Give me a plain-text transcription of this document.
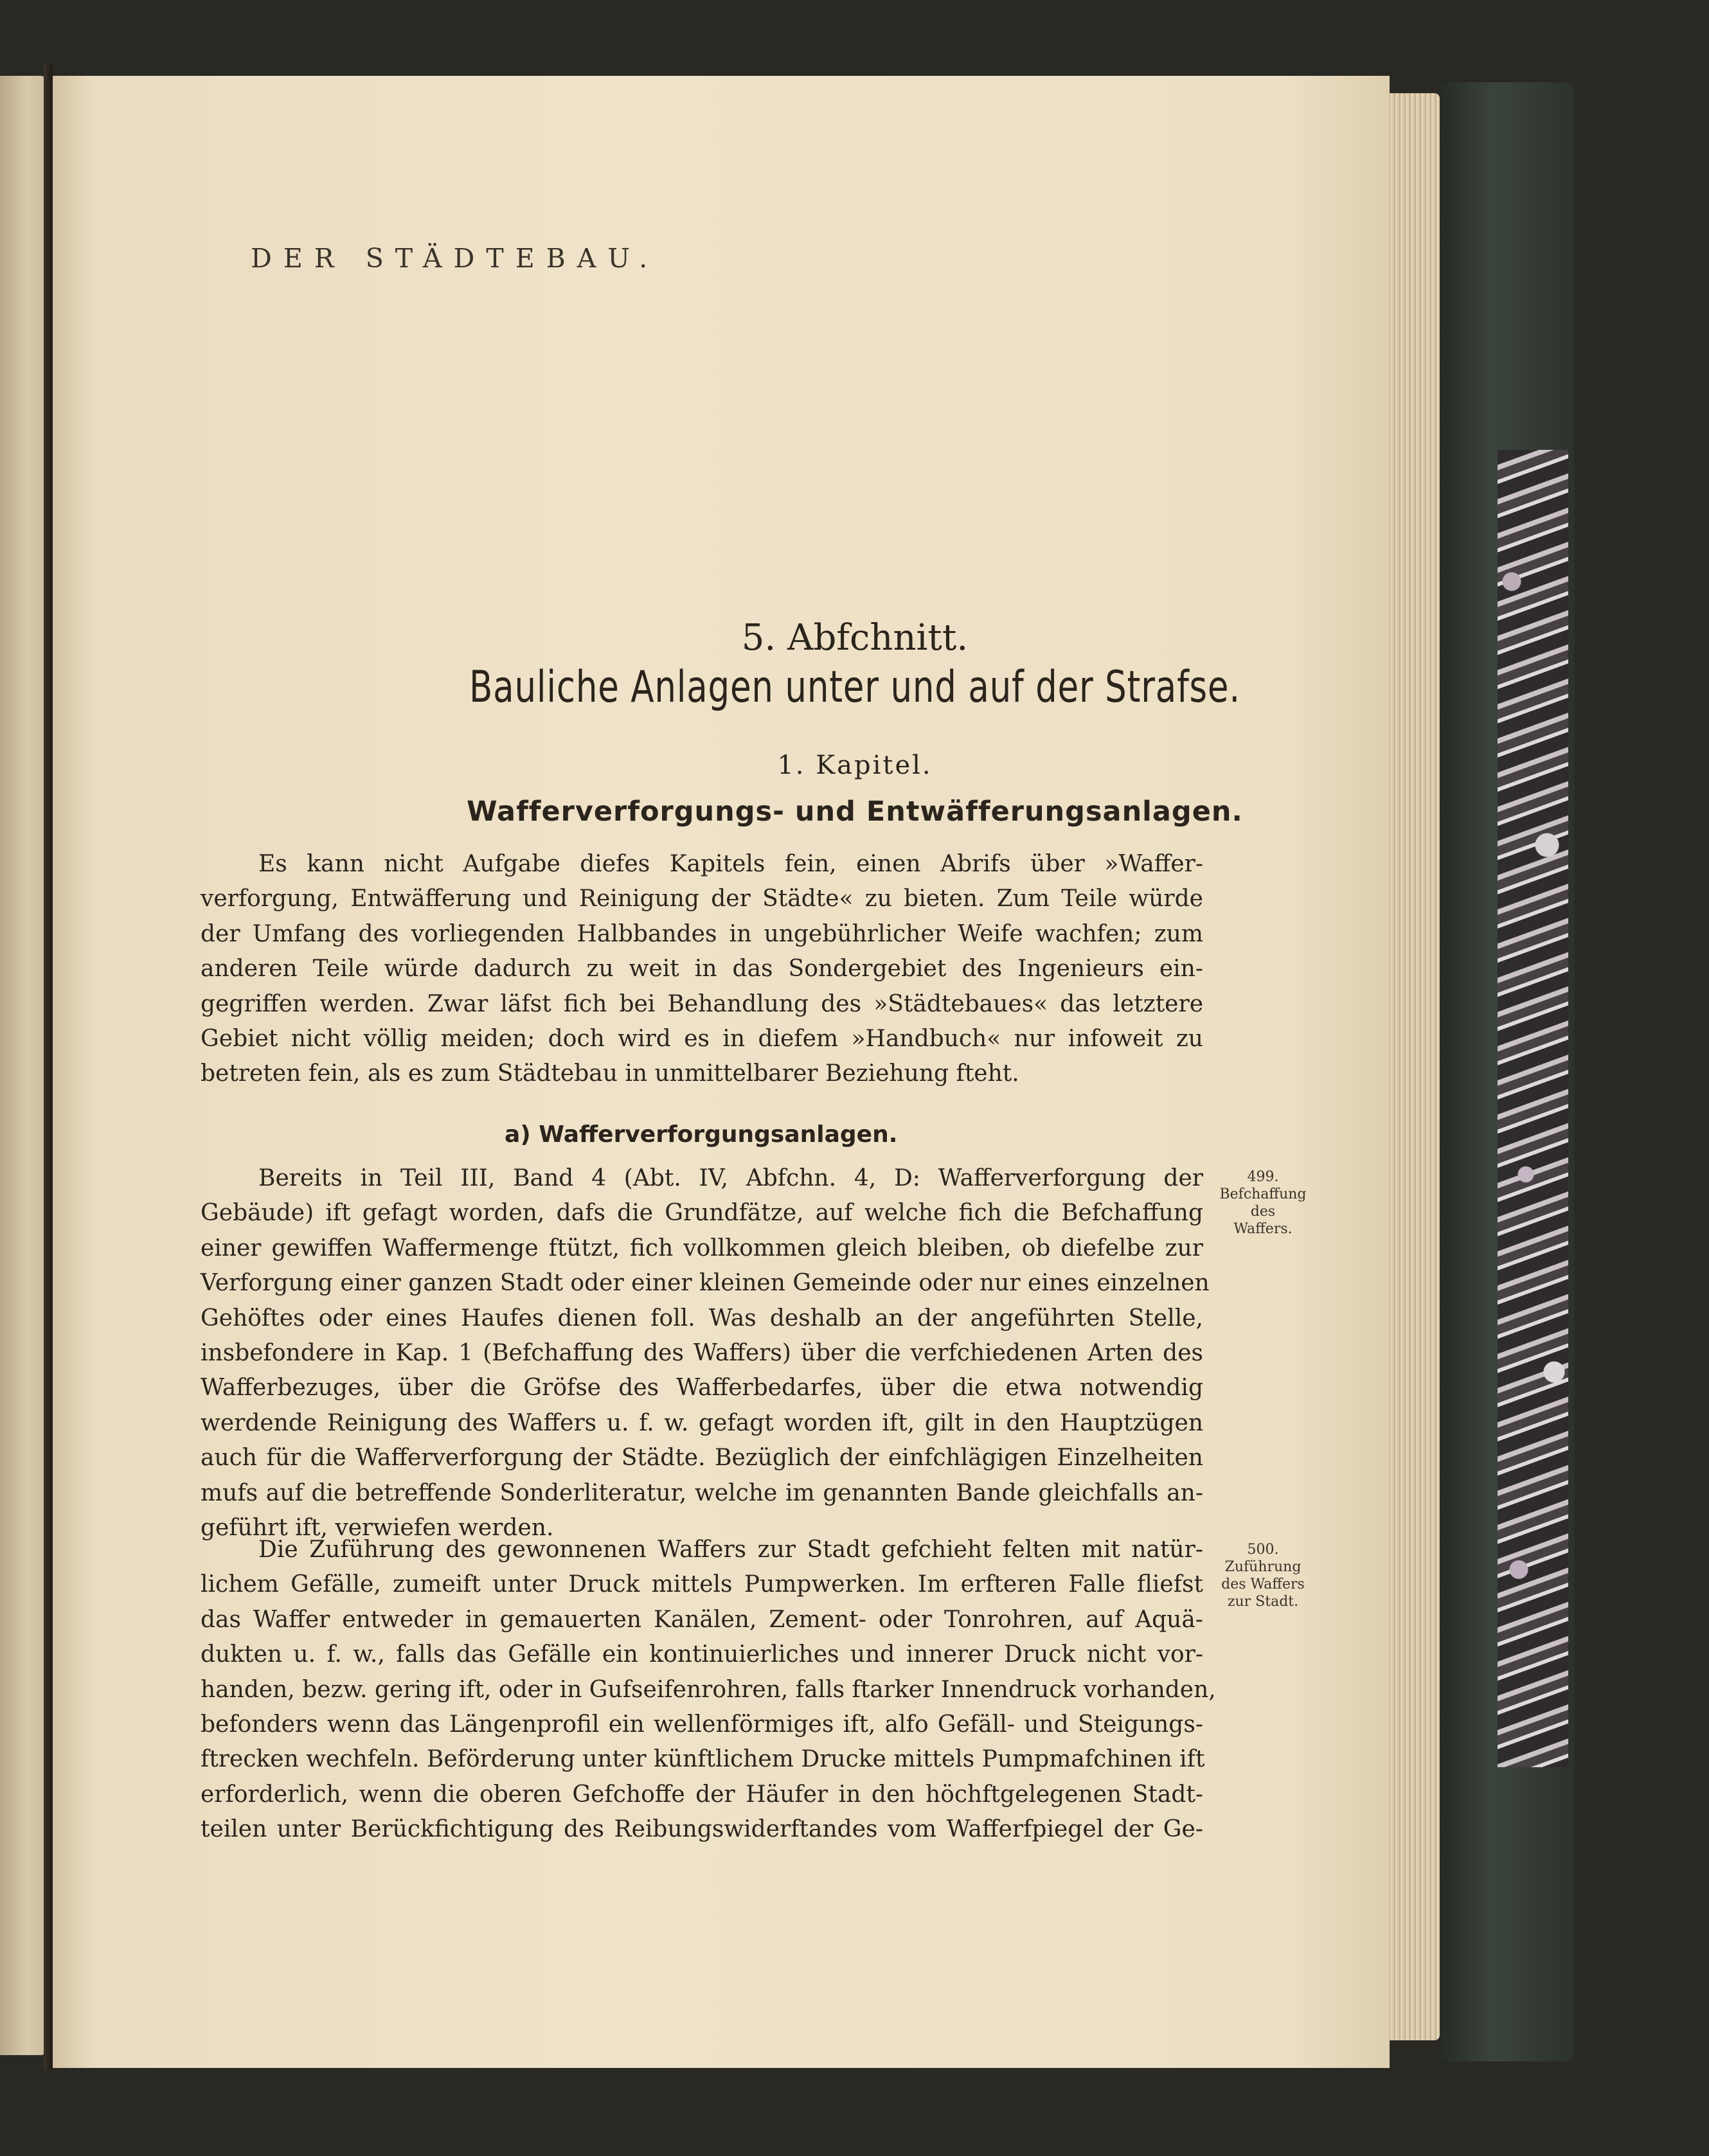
DER STÄDTEBAU.
5. Abfchnitt.
Bauliche Anlagen unter und auf der Strafse.
1. Kapitel.
Wafferverforgungs- und Entwäfferungsanlagen.
Es kann nicht Aufgabe diefes Kapitels fein, einen Abrifs über »Waffer-
verforgung, Entwäfferung und Reinigung der Städte« zu bieten. Zum Teile würde
der Umfang des vorliegenden Halbbandes in ungebührlicher Weife wachfen; zum
anderen Teile würde dadurch zu weit in das Sondergebiet des Ingenieurs ein-
gegriffen werden. Zwar läfst fich bei Behandlung des »Städtebaues« das letztere
Gebiet nicht völlig meiden; doch wird es in diefem »Handbuch« nur infoweit zu
betreten fein, als es zum Städtebau in unmittelbarer Beziehung fteht.
a) Wafferverforgungsanlagen.
Bereits in Teil III, Band 4 (Abt. IV, Abfchn. 4, D: Wafferverforgung der
Gebäude) ift gefagt worden, dafs die Grundfätze, auf welche fich die Befchaffung
einer gewiffen Waffermenge ftützt, fich vollkommen gleich bleiben, ob diefelbe zur
Verforgung einer ganzen Stadt oder einer kleinen Gemeinde oder nur eines einzelnen
Gehöftes oder eines Haufes dienen foll. Was deshalb an der angeführten Stelle,
insbefondere in Kap. 1 (Befchaffung des Waffers) über die verfchiedenen Arten des
Wafferbezuges, über die Gröfse des Wafferbedarfes, über die etwa notwendig
werdende Reinigung des Waffers u. f. w. gefagt worden ift, gilt in den Hauptzügen
auch für die Wafferverforgung der Städte. Bezüglich der einfchlägigen Einzelheiten
mufs auf die betreffende Sonderliteratur, welche im genannten Bande gleichfalls an-
geführt ift, verwiefen werden.
499.
Befchaffung
des
Waffers.
Die Zuführung des gewonnenen Waffers zur Stadt gefchieht felten mit natür-
lichem Gefälle, zumeift unter Druck mittels Pumpwerken. Im erfteren Falle fliefst
das Waffer entweder in gemauerten Kanälen, Zement- oder Tonrohren, auf Aquä-
dukten u. f. w., falls das Gefälle ein kontinuierliches und innerer Druck nicht vor-
handen, bezw. gering ift, oder in Gufseifenrohren, falls ftarker Innendruck vorhanden,
befonders wenn das Längenprofil ein wellenförmiges ift, alfo Gefäll- und Steigungs-
ftrecken wechfeln. Beförderung unter künftlichem Drucke mittels Pumpmafchinen ift
erforderlich, wenn die oberen Gefchoffe der Häufer in den höchftgelegenen Stadt-
teilen unter Berückfichtigung des Reibungswiderftandes vom Wafferfpiegel der Ge-
500.
Zuführung
des Waffers
zur Stadt.
